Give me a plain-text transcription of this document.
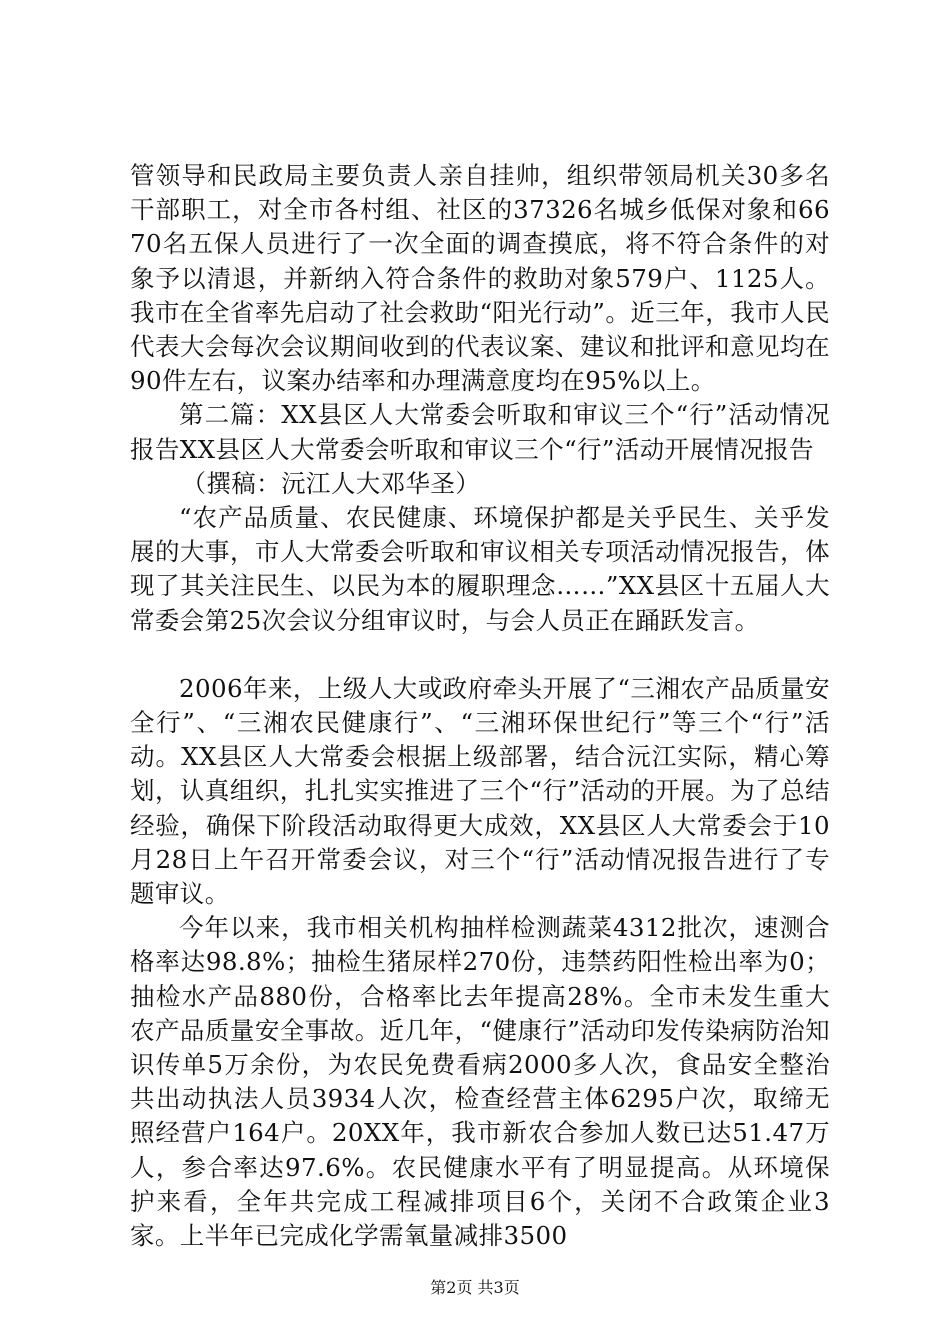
管领导和民政局主要负责人亲自挂帅，组织带领局机关30多名干部职工，对全市各村组、社区的37326名城乡低保对象和6670名五保人员进行了一次全面的调查摸底，将不符合条件的对象予以清退，并新纳入符合条件的救助对象579户、1125人。我市在全省率先启动了社会救助“阳光行动”。近三年，我市人民代表大会每次会议期间收到的代表议案、建议和批评和意见均在90件左右，议案办结率和办理满意度均在95%以上。

第二篇：XX县区人大常委会听取和审议三个“行”活动情况报告XX县区人大常委会听取和审议三个“行”活动开展情况报告

（撰稿：沅江人大邓华圣）

“农产品质量、农民健康、环境保护都是关乎民生、关乎发展的大事，市人大常委会听取和审议相关专项活动情况报告，体现了其关注民生、以民为本的履职理念……”XX县区十五届人大常委会第25次会议分组审议时，与会人员正在踊跃发言。

2006年来，上级人大或政府牵头开展了“三湘农产品质量安全行”、“三湘农民健康行”、“三湘环保世纪行”等三个“行”活动。XX县区人大常委会根据上级部署，结合沅江实际，精心筹划，认真组织，扎扎实实推进了三个“行”活动的开展。为了总结经验，确保下阶段活动取得更大成效，XX县区人大常委会于10月28日上午召开常委会议，对三个“行”活动情况报告进行了专题审议。

今年以来，我市相关机构抽样检测蔬菜4312批次，速测合格率达98.8%；抽检生猪尿样270份，违禁药阳性检出率为0；抽检水产品880份，合格率比去年提高28%。全市未发生重大农产品质量安全事故。近几年，“健康行”活动印发传染病防治知识传单5万余份，为农民免费看病2000多人次，食品安全整治共出动执法人员3934人次，检查经营主体6295户次，取缔无照经营户164户。20XX年，我市新农合参加人数已达51.47万人，参合率达97.6%。农民健康水平有了明显提高。从环境保护来看，全年共完成工程减排项目6个，关闭不合政策企业3家。上半年已完成化学需氧量减排3500

第2页 共3页
